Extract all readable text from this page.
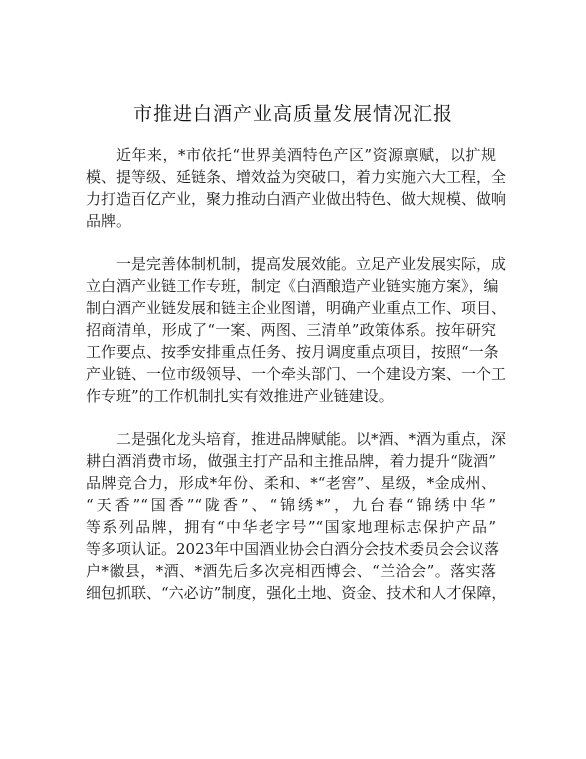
市推进白酒产业高质量发展情况汇报
近年来，*市依托“世界美酒特色产区”资源禀赋，以扩规
模、提等级、延链条、增效益为突破口，着力实施六大工程，全
力打造百亿产业，聚力推动白酒产业做出特色、做大规模、做响
品牌。
一是完善体制机制，提高发展效能。立足产业发展实际，成
立白酒产业链工作专班，制定《白酒酿造产业链实施方案》，编
制白酒产业链发展和链主企业图谱，明确产业重点工作、项目、
招商清单，形成了“一案、两图、三清单”政策体系。按年研究
工作要点、按季安排重点任务、按月调度重点项目，按照“一条
产业链、一位市级领导、一个牵头部门、一个建设方案、一个工
作专班”的工作机制扎实有效推进产业链建设。
二是强化龙头培育，推进品牌赋能。以*酒、*酒为重点，深
耕白酒消费市场，做强主打产品和主推品牌，着力提升“陇酒”
品牌竞合力，形成*年份、柔和、*“老窖”、星级，*金成州、
“天香”“国香”“陇香”、“锦绣*”，九台春“锦绣中华”
等系列品牌，拥有“中华老字号”“国家地理标志保护产品”
等多项认证。2023年中国酒业协会白酒分会技术委员会会议落
户*徽县，*酒、*酒先后多次亮相西博会、“兰洽会”。落实落
细包抓联、“六必访”制度，强化土地、资金、技术和人才保障，
